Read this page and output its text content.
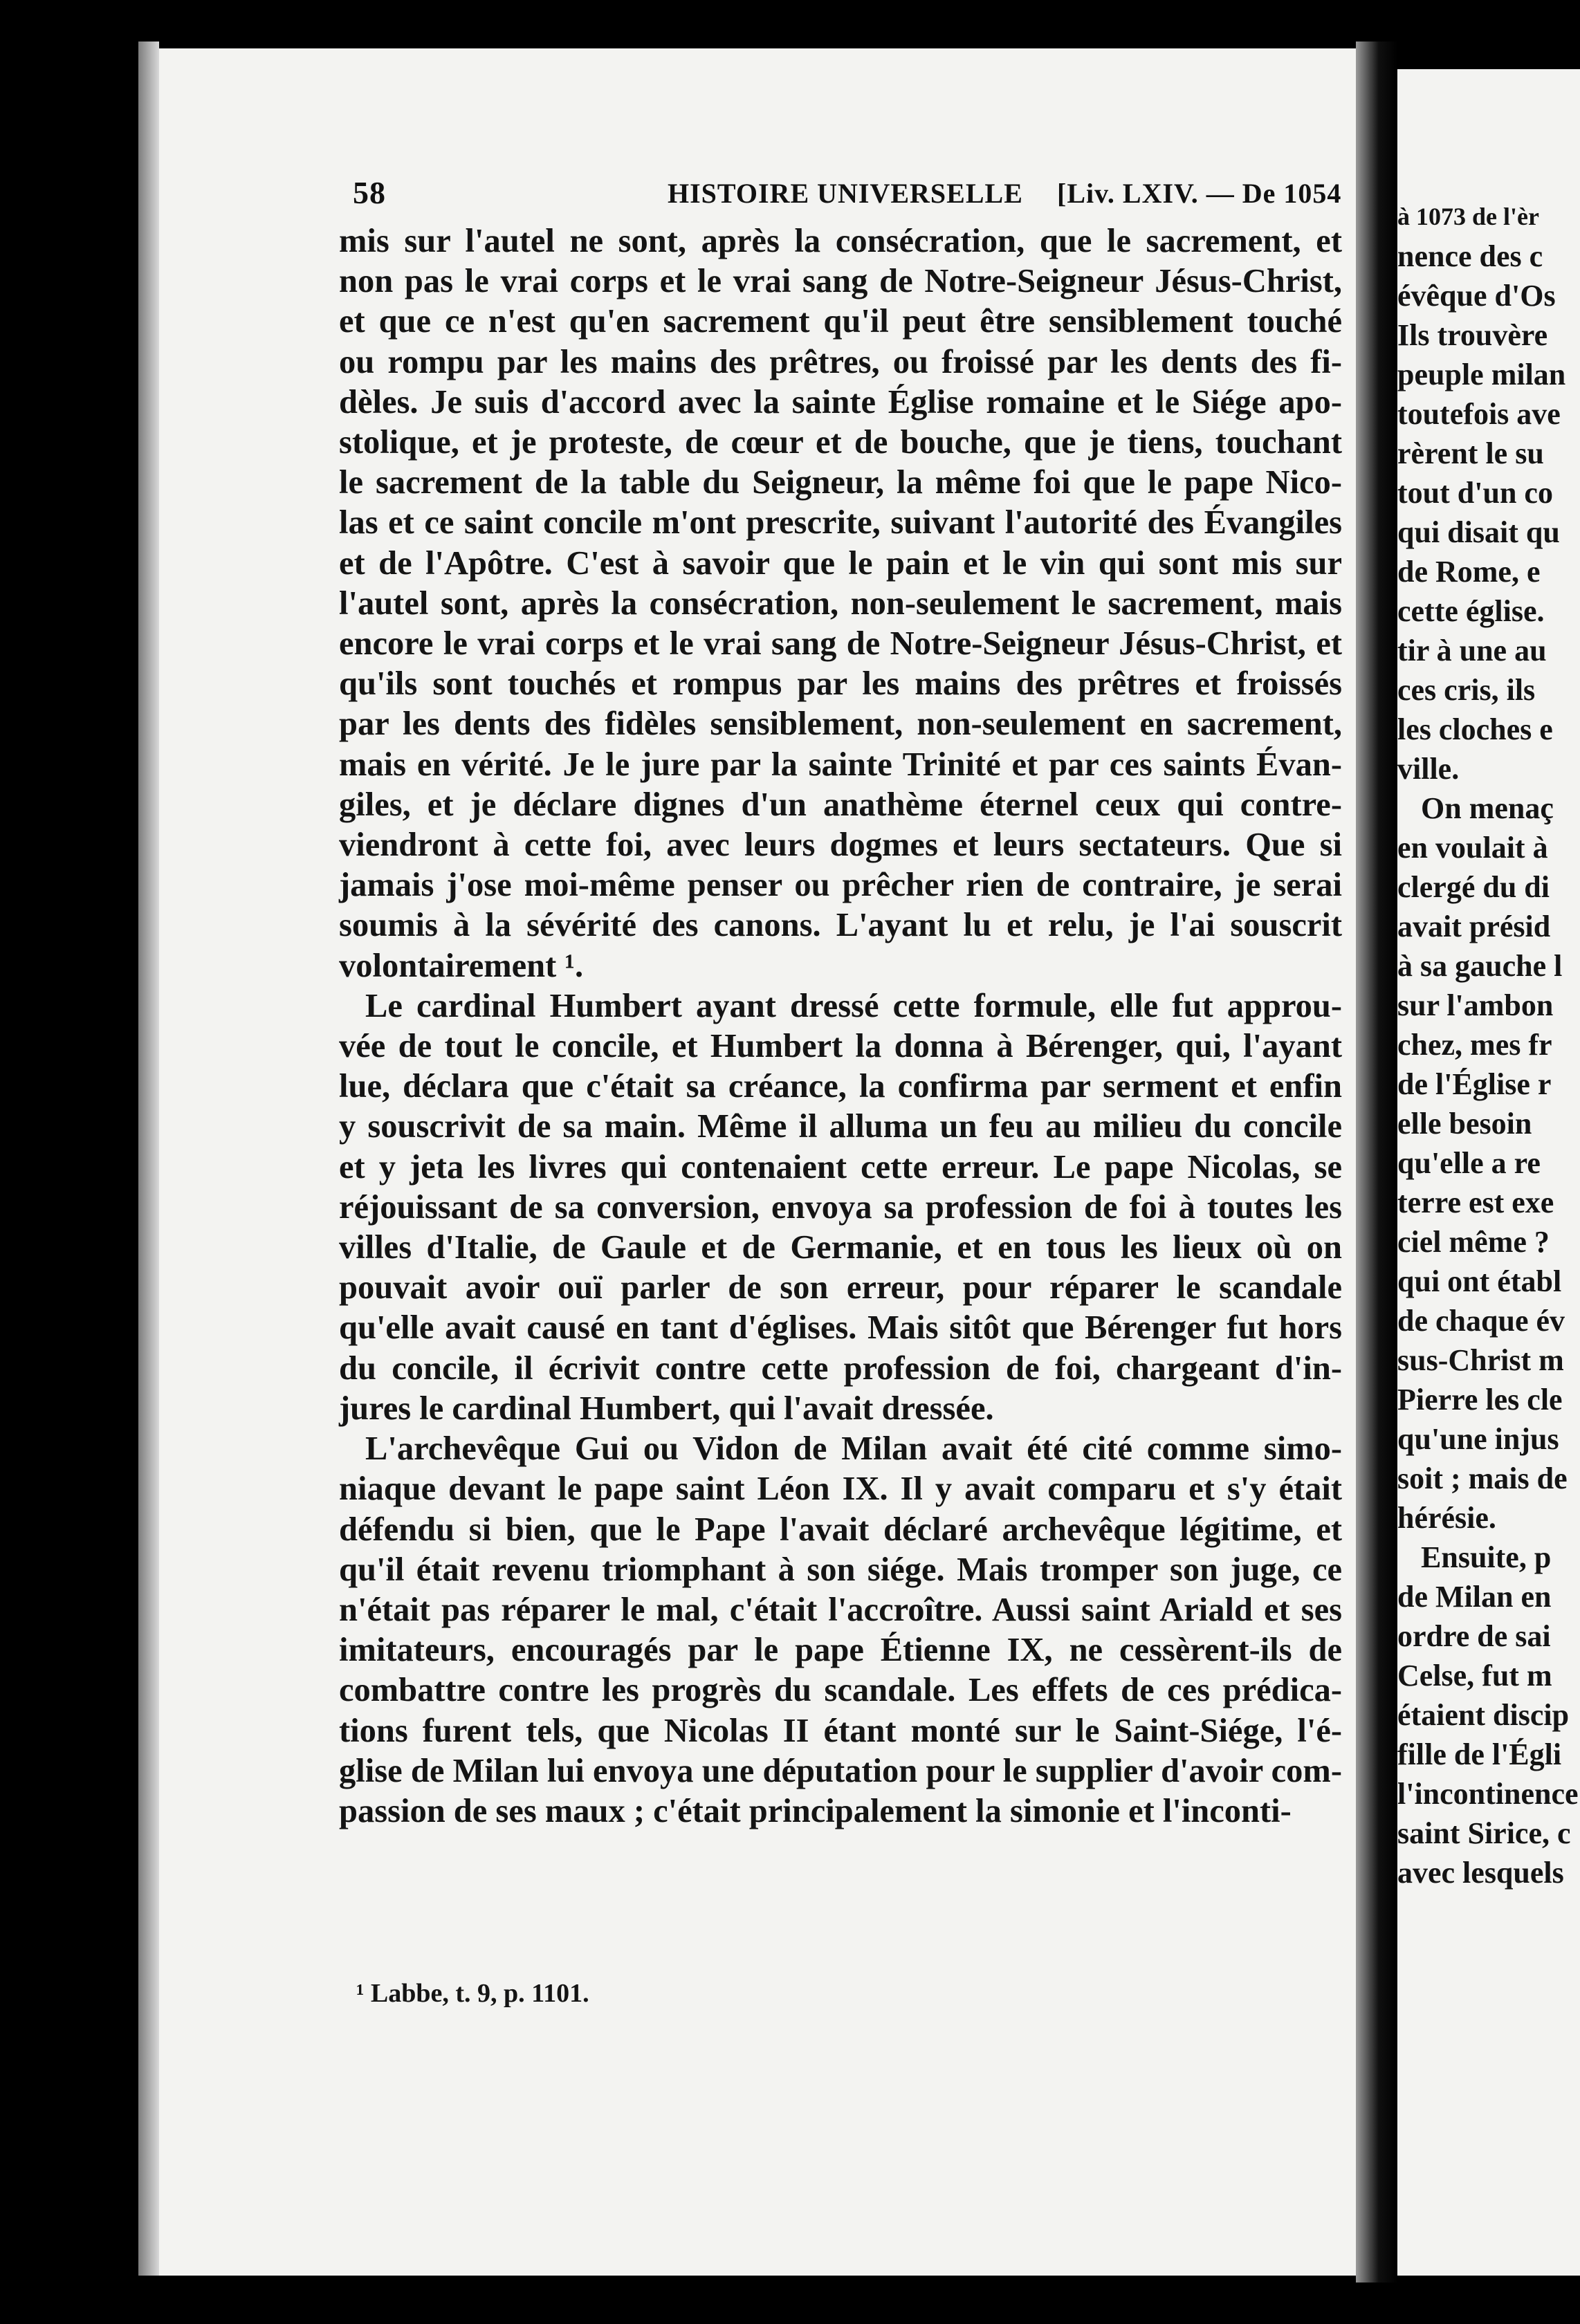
58	HISTOIRE UNIVERSELLE [Liv. LXIV. — De 1054
mis sur l'autel ne sont, après la consécration, que le sacrement, et
non pas le vrai corps et le vrai sang de Notre-Seigneur Jésus-Christ,
et que ce n'est qu'en sacrement qu'il peut être sensiblement touché
ou rompu par les mains des prêtres, ou froissé par les dents des fi-
dèles. Je suis d'accord avec la sainte Église romaine et le Siége apo-
stolique, et je proteste, de cœur et de bouche, que je tiens, touchant
le sacrement de la table du Seigneur, la même foi que le pape Nico-
las et ce saint concile m'ont prescrite, suivant l'autorité des Évangiles
et de l'Apôtre. C'est à savoir que le pain et le vin qui sont mis sur
l'autel sont, après la consécration, non-seulement le sacrement, mais
encore le vrai corps et le vrai sang de Notre-Seigneur Jésus-Christ, et
qu'ils sont touchés et rompus par les mains des prêtres et froissés
par les dents des fidèles sensiblement, non-seulement en sacrement,
mais en vérité. Je le jure par la sainte Trinité et par ces saints Évan-
giles, et je déclare dignes d'un anathème éternel ceux qui contre-
viendront à cette foi, avec leurs dogmes et leurs sectateurs. Que si
jamais j'ose moi-même penser ou prêcher rien de contraire, je serai
soumis à la sévérité des canons. L'ayant lu et relu, je l'ai souscrit
volontairement ¹.
Le cardinal Humbert ayant dressé cette formule, elle fut approu-
vée de tout le concile, et Humbert la donna à Bérenger, qui, l'ayant
lue, déclara que c'était sa créance, la confirma par serment et enfin
y souscrivit de sa main. Même il alluma un feu au milieu du concile
et y jeta les livres qui contenaient cette erreur. Le pape Nicolas, se
réjouissant de sa conversion, envoya sa profession de foi à toutes les
villes d'Italie, de Gaule et de Germanie, et en tous les lieux où on
pouvait avoir ouï parler de son erreur, pour réparer le scandale
qu'elle avait causé en tant d'églises. Mais sitôt que Bérenger fut hors
du concile, il écrivit contre cette profession de foi, chargeant d'in-
jures le cardinal Humbert, qui l'avait dressée.
L'archevêque Gui ou Vidon de Milan avait été cité comme simo-
niaque devant le pape saint Léon IX. Il y avait comparu et s'y était
défendu si bien, que le Pape l'avait déclaré archevêque légitime, et
qu'il était revenu triomphant à son siége. Mais tromper son juge, ce
n'était pas réparer le mal, c'était l'accroître. Aussi saint Ariald et ses
imitateurs, encouragés par le pape Étienne IX, ne cessèrent-ils de
combattre contre les progrès du scandale. Les effets de ces prédica-
tions furent tels, que Nicolas II étant monté sur le Saint-Siége, l'é-
glise de Milan lui envoya une députation pour le supplier d'avoir com-
passion de ses maux ; c'était principalement la simonie et l'inconti-
¹ Labbe, t. 9, p. 1101.
à 1073 de l'èr
nence des c
évêque d'Os
Ils trouvère
peuple milan
toutefois ave
rèrent le su
tout d'un co
qui disait qu
de Rome, e
cette église.
tir à une au
ces cris, ils
les cloches e
ville.
On menaç
en voulait à
clergé du di
avait présid
à sa gauche l
sur l'ambon
chez, mes fr
de l'Église r
elle besoin
qu'elle a re
terre est exe
ciel même ?
qui ont établ
de chaque év
sus-Christ m
Pierre les cle
qu'une injus
soit ; mais de
hérésie.
Ensuite, p
de Milan en
ordre de sai
Celse, fut m
étaient discip
fille de l'Égli
l'incontinence
saint Sirice, c
avec lesquels
